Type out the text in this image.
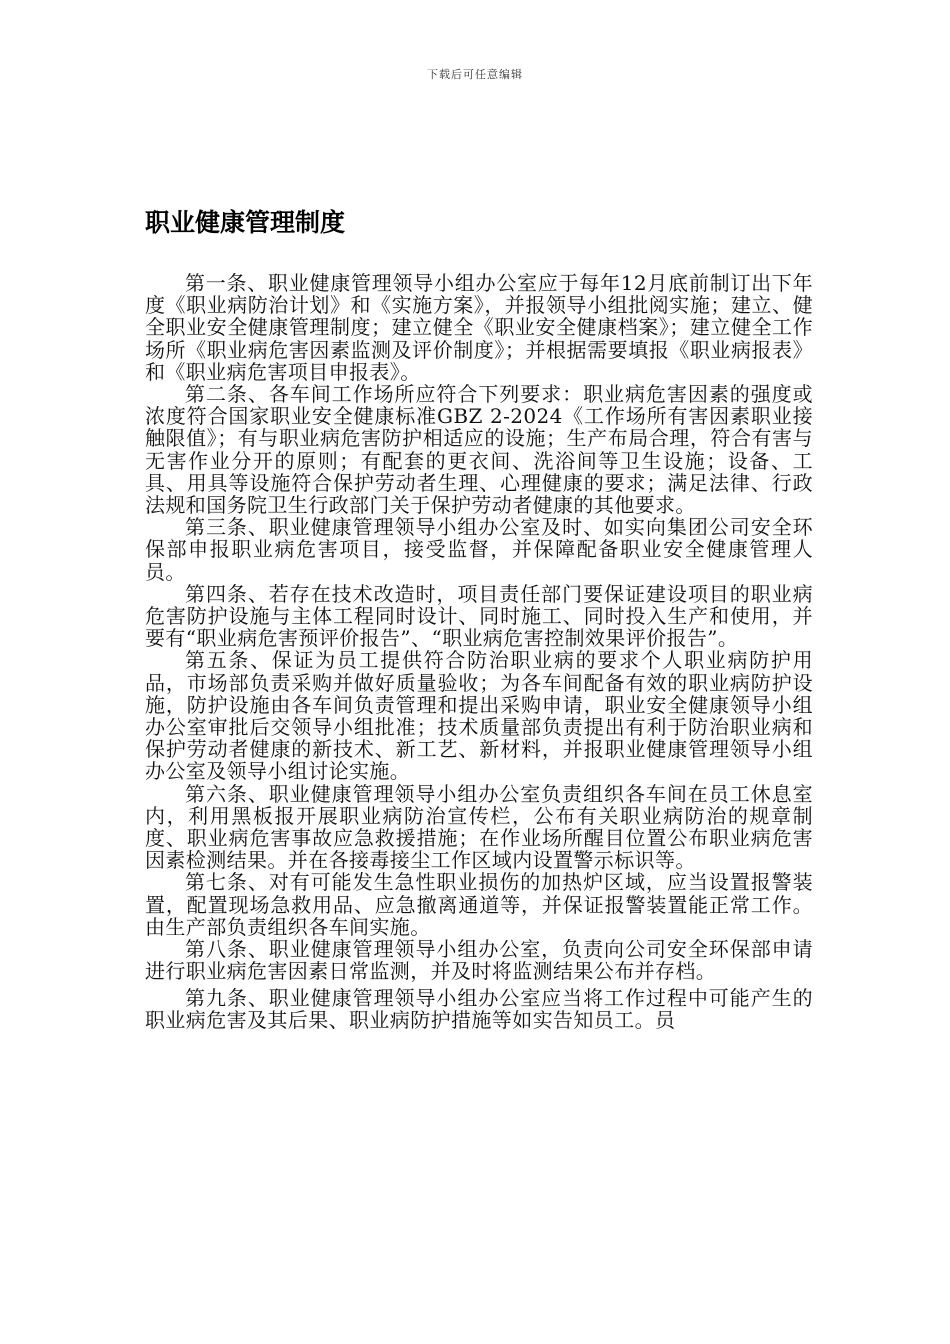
下载后可任意编辑
职业健康管理制度

第一条、职业健康管理领导小组办公室应于每年12月底前制订出下年度《职业病防治计划》和《实施方案》，并报领导小组批阅实施；建立、健全职业安全健康管理制度；建立健全《职业安全健康档案》；建立健全工作场所《职业病危害因素监测及评价制度》；并根据需要填报《职业病报表》和《职业病危害项目申报表》。

第二条、各车间工作场所应符合下列要求：职业病危害因素的强度或浓度符合国家职业安全健康标准GBZ 2-2024《工作场所有害因素职业接触限值》；有与职业病危害防护相适应的设施；生产布局合理，符合有害与无害作业分开的原则；有配套的更衣间、洗浴间等卫生设施；设备、工具、用具等设施符合保护劳动者生理、心理健康的要求；满足法律、行政法规和国务院卫生行政部门关于保护劳动者健康的其他要求。

第三条、职业健康管理领导小组办公室及时、如实向集团公司安全环保部申报职业病危害项目，接受监督，并保障配备职业安全健康管理人员。

第四条、若存在技术改造时，项目责任部门要保证建设项目的职业病危害防护设施与主体工程同时设计、同时施工、同时投入生产和使用，并要有“职业病危害预评价报告”、“职业病危害控制效果评价报告”。

第五条、保证为员工提供符合防治职业病的要求个人职业病防护用品，市场部负责采购并做好质量验收；为各车间配备有效的职业病防护设施，防护设施由各车间负责管理和提出采购申请，职业安全健康领导小组办公室审批后交领导小组批准；技术质量部负责提出有利于防治职业病和保护劳动者健康的新技术、新工艺、新材料，并报职业健康管理领导小组办公室及领导小组讨论实施。

第六条、职业健康管理领导小组办公室负责组织各车间在员工休息室内，利用黑板报开展职业病防治宣传栏，公布有关职业病防治的规章制度、职业病危害事故应急救援措施；在作业场所醒目位置公布职业病危害因素检测结果。并在各接毒接尘工作区域内设置警示标识等。

第七条、对有可能发生急性职业损伤的加热炉区域，应当设置报警装置，配置现场急救用品、应急撤离通道等，并保证报警装置能正常工作。由生产部负责组织各车间实施。

第八条、职业健康管理领导小组办公室，负责向公司安全环保部申请进行职业病危害因素日常监测，并及时将监测结果公布并存档。

第九条、职业健康管理领导小组办公室应当将工作过程中可能产生的职业病危害及其后果、职业病防护措施等如实告知员工。员
